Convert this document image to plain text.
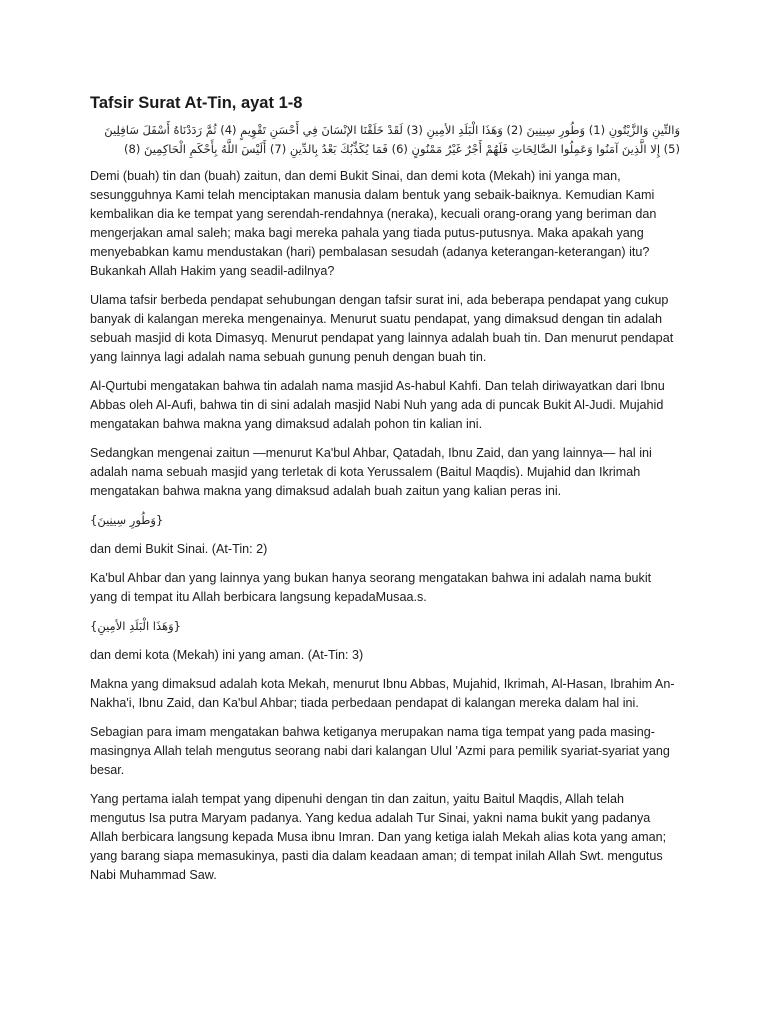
Tafsir Surat At-Tin, ayat 1-8

وَالتِّينِ وَالزَّيْتُونِ (1) وَطُورِ سِينِينَ (2) وَهَذَا الْبَلَدِ الأمِينِ (3) لَقَدْ خَلَقْنَا الإنْسَانَ فِي أَحْسَنِ تَقْوِيمٍ (4) ثُمَّ رَدَدْنَاهُ أَسْفَلَ سَافِلِينَ (5) إِلا الَّذِينَ آمَنُوا وَعَمِلُوا الصَّالِحَاتِ فَلَهُمْ أَجْرٌ غَيْرُ مَمْنُونٍ (6) فَمَا يُكَذِّبُكَ بَعْدُ بِالدِّينِ (7) أَلَيْسَ اللَّهُ بِأَحْكَمِ الْحَاكِمِينَ (8)

Demi (buah) tin dan (buah) zaitun, dan demi Bukit Sinai, dan demi kota (Mekah) ini yanga man, sesungguhnya Kami telah menciptakan manusia dalam bentuk yang sebaik-baiknya. Kemudian Kami kembalikan dia ke tempat yang serendah-rendahnya (neraka), kecuali orang-orang yang beriman dan mengerjakan amal saleh; maka bagi mereka pahala yang tiada putus-putusnya. Maka apakah yang menyebabkan kamu mendustakan (hari) pembalasan sesudah (adanya keterangan-keterangan) itu? Bukankah Allah Hakim yang seadil-adilnya?

Ulama tafsir berbeda pendapat sehubungan dengan tafsir surat ini, ada beberapa pendapat yang cukup banyak di kalangan mereka mengenainya. Menurut suatu pendapat, yang dimaksud dengan tin adalah sebuah masjid di kota Dimasyq. Menurut pendapat yang lainnya adalah buah tin. Dan menurut pendapat yang lainnya lagi adalah nama sebuah gunung penuh dengan buah tin.

Al-Qurtubi mengatakan bahwa tin adalah nama masjid As-habul Kahfi. Dan telah diriwayatkan dari Ibnu Abbas oleh Al-Aufi, bahwa tin di sini adalah masjid Nabi Nuh yang ada di puncak Bukit Al-Judi. Mujahid mengatakan bahwa makna yang dimaksud adalah pohon tin kalian ini.

Sedangkan mengenai zaitun —menurut Ka'bul Ahbar, Qatadah, Ibnu Zaid, dan yang lainnya— hal ini adalah nama sebuah masjid yang terletak di kota Yerussalem (Baitul Maqdis). Mujahid dan Ikrimah mengatakan bahwa makna yang dimaksud adalah buah zaitun yang kalian peras ini.

{وَطُورِ سِينِينَ}

dan demi Bukit Sinai. (At-Tin: 2)

Ka'bul Ahbar dan yang lainnya yang bukan hanya seorang mengatakan bahwa ini adalah nama bukit yang di tempat itu Allah berbicara langsung kepadaMusaa.s.

{وَهَذَا الْبَلَدِ الأمِينِ}

dan demi kota (Mekah) ini yang aman. (At-Tin: 3)

Makna yang dimaksud adalah kota Mekah, menurut Ibnu Abbas, Mujahid, Ikrimah, Al-Hasan, Ibrahim An-Nakha'i, Ibnu Zaid, dan Ka'bul Ahbar; tiada perbedaan pendapat di kalangan mereka dalam hal ini.

Sebagian para imam mengatakan bahwa ketiganya merupakan nama tiga tempat yang pada masing-masingnya Allah telah mengutus seorang nabi dari kalangan Ulul 'Azmi para pemilik syariat-syariat yang besar.

Yang pertama ialah tempat yang dipenuhi dengan tin dan zaitun, yaitu Baitul Maqdis, Allah telah mengutus Isa putra Maryam padanya. Yang kedua adalah Tur Sinai, yakni nama bukit yang padanya Allah berbicara langsung kepada Musa ibnu Imran. Dan yang ketiga ialah Mekah alias kota yang aman; yang barang siapa memasukinya, pasti dia dalam keadaan aman; di tempat inilah Allah Swt. mengutus Nabi Muhammad Saw.
